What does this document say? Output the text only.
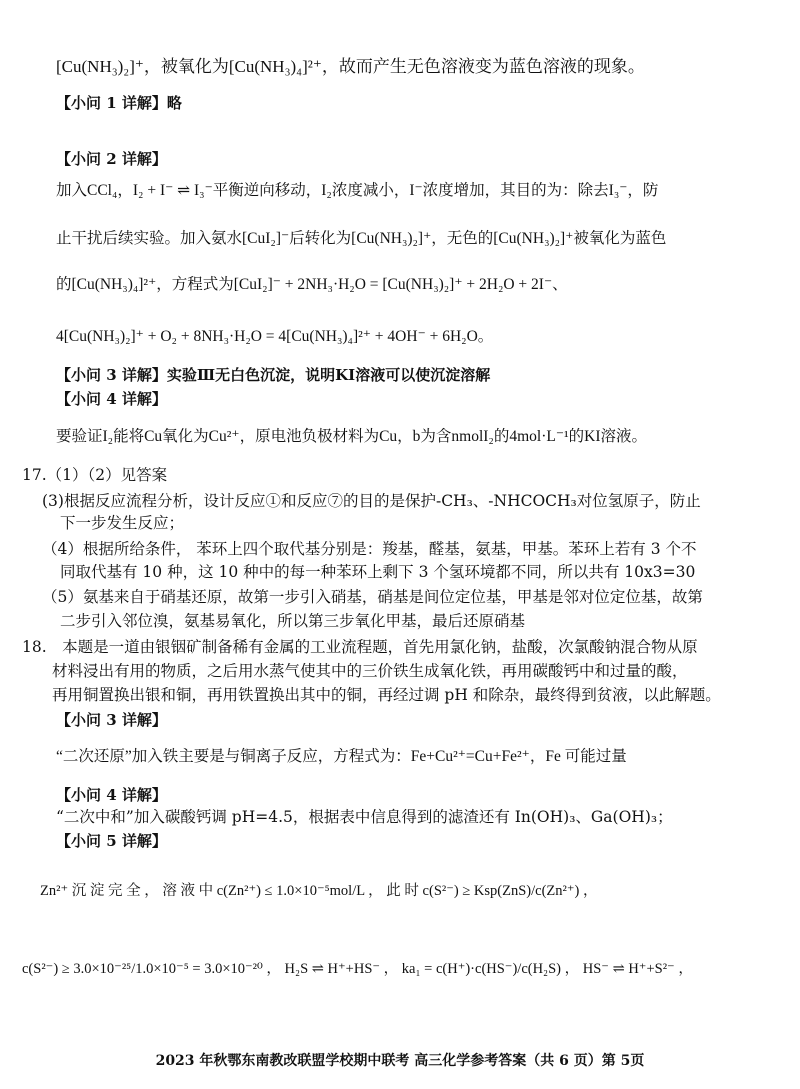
[Cu(NH₃)₂]⁺，被氧化为[Cu(NH₃)₄]²⁺，故而产生无色溶液变为蓝色溶液的现象。
【小问 1 详解】略
【小问 2 详解】
加入CCl₄，I₂ + I⁻ ⇌ I₃⁻平衡逆向移动，I₂浓度减小，I⁻浓度增加，其目的为：除去I₃⁻，防
止干扰后续实验。加入氨水[CuI₂]⁻后转化为[Cu(NH₃)₂]⁺，无色的[Cu(NH₃)₂]⁺被氧化为蓝色
的[Cu(NH₃)₄]²⁺，方程式为[CuI₂]⁻ + 2NH₃·H₂O = [Cu(NH₃)₂]⁺ + 2H₂O + 2I⁻、
4[Cu(NH₃)₂]⁺ + O₂ + 8NH₃·H₂O = 4[Cu(NH₃)₄]²⁺ + 4OH⁻ + 6H₂O。
【小问 3 详解】实验Ⅲ无白色沉淀，说明KI溶液可以使沉淀溶解
【小问 4 详解】
要验证I₂能将Cu氧化为Cu²⁺，原电池负极材料为Cu，b为含nmolI₂的4mol·L⁻¹的KI溶液。
17.（1）（2）见答案
(3)根据反应流程分析，设计反应①和反应⑦的目的是保护-CH₃、-NHCOCH₃对位氢原子，防止
下一步发生反应；
（4）根据所给条件， 苯环上四个取代基分别是：羧基，醛基，氨基，甲基。苯环上若有 3 个不
同取代基有 10 种，这 10 种中的每一种苯环上剩下 3 个氢环境都不同，所以共有 10x3=30
（5）氨基来自于硝基还原，故第一步引入硝基，硝基是间位定位基，甲基是邻对位定位基，故第
二步引入邻位溴，氨基易氧化，所以第三步氧化甲基，最后还原硝基
18.　本题是一道由银铟矿制备稀有金属的工业流程题，首先用氯化钠，盐酸，次氯酸钠混合物从原
材料浸出有用的物质，之后用水蒸气使其中的三价铁生成氧化铁，再用碳酸钙中和过量的酸，
再用铜置换出银和铜，再用铁置换出其中的铜，再经过调 pH 和除杂，最终得到贫液，以此解题。
【小问 3 详解】
“二次还原”加入铁主要是与铜离子反应，方程式为：Fe+Cu²⁺=Cu+Fe²⁺，Fe 可能过量
【小问 4 详解】
“二次中和”加入碳酸钙调 pH=4.5，根据表中信息得到的滤渣还有 In(OH)₃、Ga(OH)₃；
【小问 5 详解】
Zn²⁺ 沉 淀 完 全 ， 溶 液 中 c(Zn²⁺) ≤ 1.0×10⁻⁵mol/L ， 此 时 c(S²⁻) ≥ Ksp(ZnS)/c(Zn²⁺) ，
c(S²⁻) ≥ 3.0×10⁻²⁵/1.0×10⁻⁵ = 3.0×10⁻²⁰ ， H₂S ⇌ H⁺+HS⁻ ， ka₁ = c(H⁺)·c(HS⁻)/c(H₂S) ， HS⁻ ⇌ H⁺+S²⁻ ，
2023 年秋鄂东南教改联盟学校期中联考 高三化学参考答案（共 6 页）第 5页
